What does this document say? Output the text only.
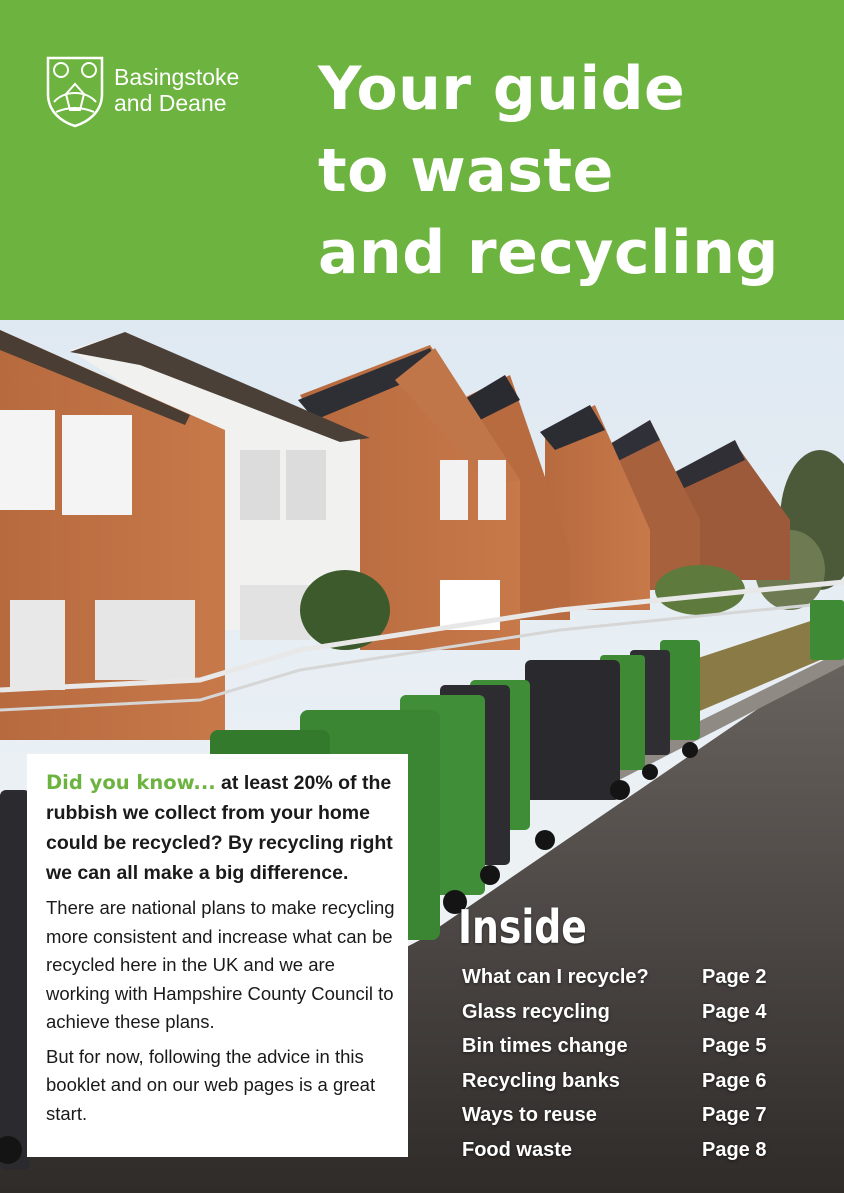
Basingstoke
and Deane Your guide
to waste
and recycling

Did you know... at least 20% of the rubbish we collect from your home could be recycled? By recycling right we can all make a big difference.

There are national plans to make recycling more consistent and increase what can be recycled here in the UK and we are working with Hampshire County Council to achieve these plans.

But for now, following the advice in this booklet and on our web pages is a great start.

Inside
What can I recycle?	Page 2
Glass recycling	Page 4
Bin times change	Page 5
Recycling banks	Page 6
Ways to reuse	Page 7
Food waste	Page 8
